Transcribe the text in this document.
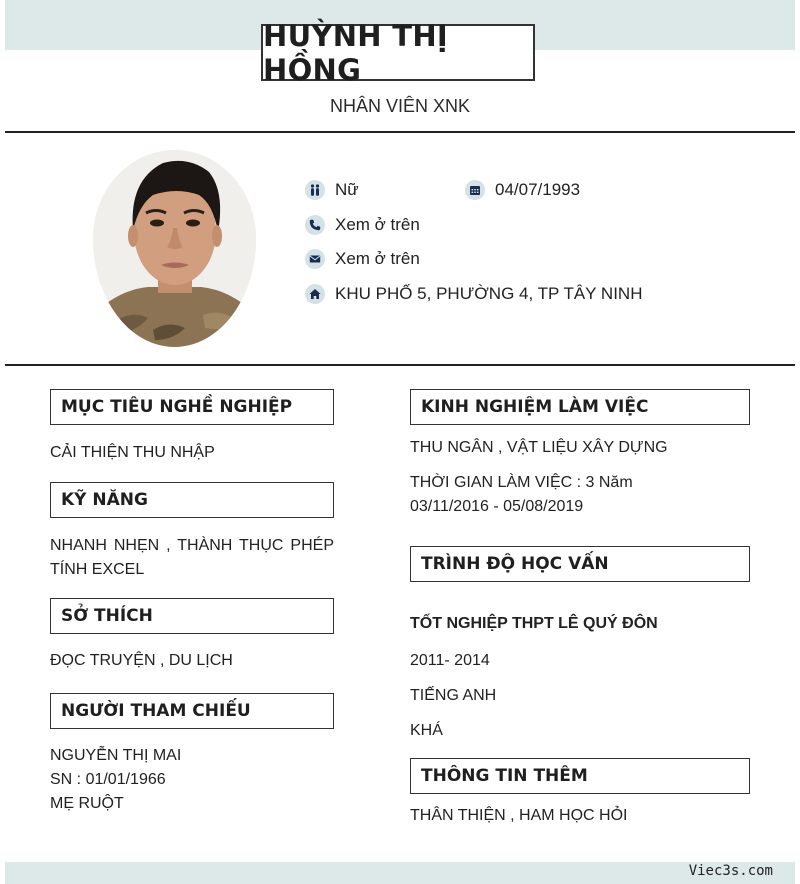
HUỲNH THỊ HỒNG
NHÂN VIÊN XNK
Nữ	04/07/1993
Xem ở trên
Xem ở trên
KHU PHỐ 5, PHƯỜNG 4, TP TÂY NINH
MỤC TIÊU NGHỀ NGHIỆP
CẢI THIỆN THU NHẬP
KỸ NĂNG
NHANH NHẸN , THÀNH THỤC PHÉP TÍNH EXCEL
SỞ THÍCH
ĐỌC TRUYỆN , DU LỊCH
NGƯỜI THAM CHIẾU
NGUYỄN THỊ MAI
SN : 01/01/1966
MẸ RUỘT
KINH NGHIỆM LÀM VIỆC
THU NGÂN , VẬT LIỆU XÂY DỰNG
THỜI GIAN LÀM VIỆC : 3 Năm
03/11/2016 - 05/08/2019
TRÌNH ĐỘ HỌC VẤN
TỐT NGHIỆP THPT LÊ QUÝ ĐÔN
2011- 2014
TIẾNG ANH
KHÁ
THÔNG TIN THÊM
THÂN THIỆN , HAM HỌC HỎI
Viec3s.com
